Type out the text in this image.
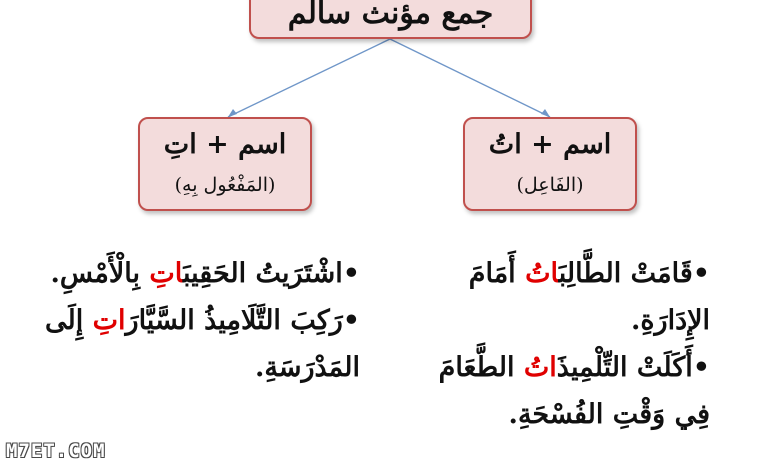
جمع مؤنث سالم
اسم + اتُ
(الفَاعِل)
اسم + اتِ
(المَفْعُول بِهِ)
•قَامَتْ الطَّالِبَاتُ أَمَامَ
الإِدَارَةِ.
•أَكَلَتْ التِّلْمِيذَاتُ الطَّعَامَ
فِي وَقْتِ الفُسْحَةِ.
•اشْتَرَيتُ الحَقِيبَاتِ بِالْأَمْسِ.
•رَكِبَ التَّلَامِيذُ السَّيَّارَاتِ إِلَى
المَدْرَسَةِ.
M7ET.COM
